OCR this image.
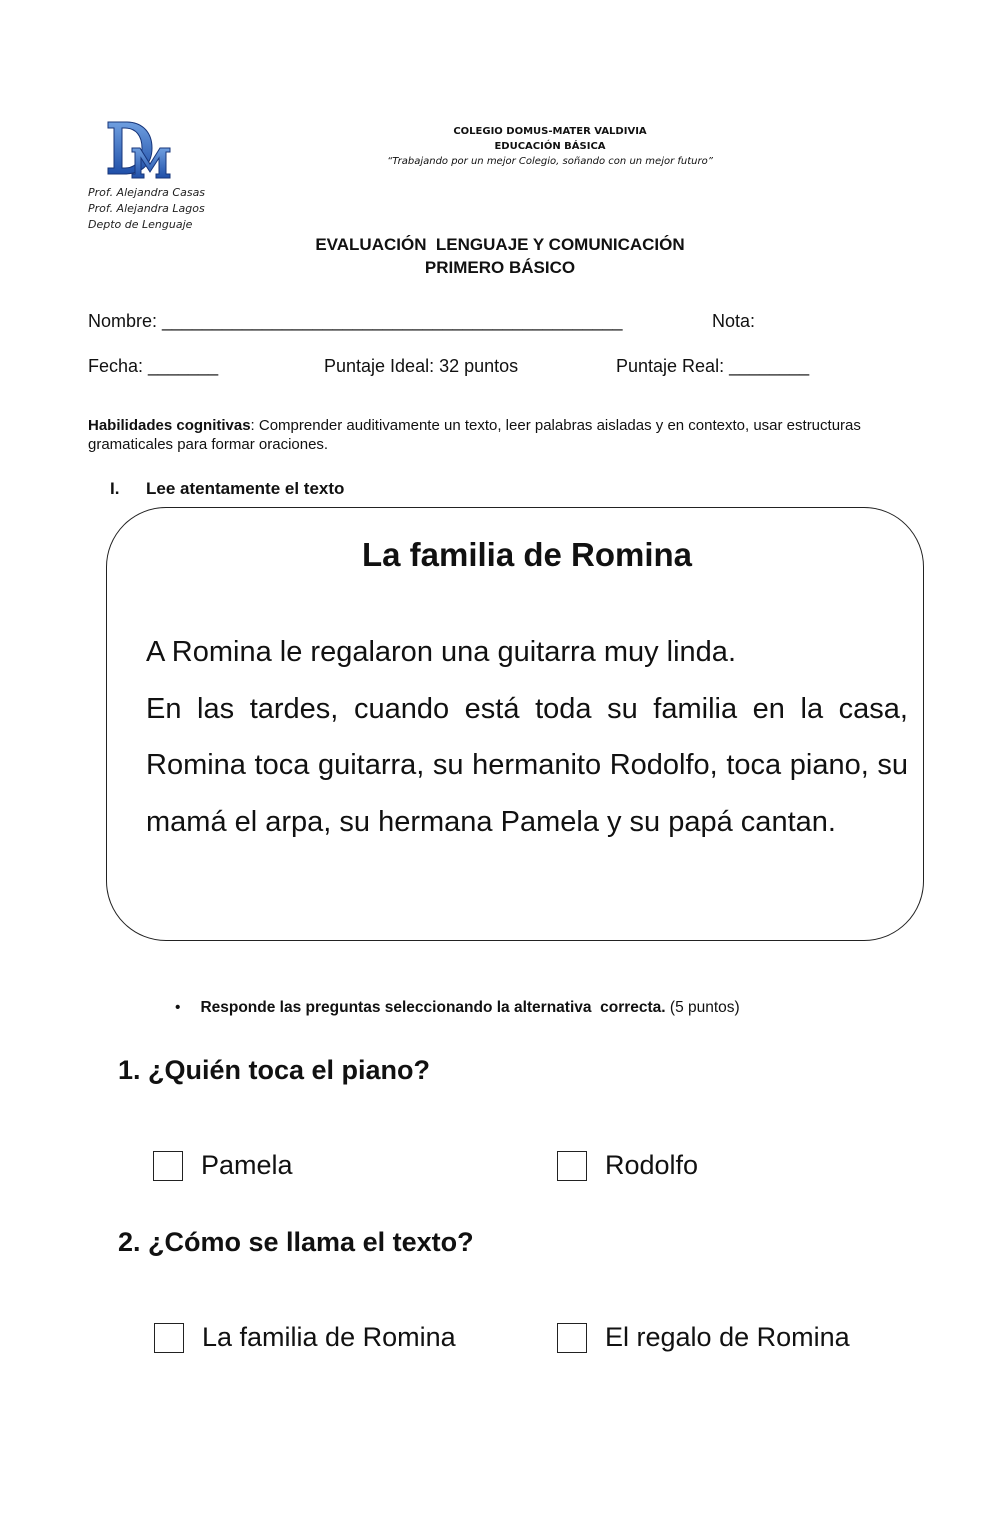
Prof. Alejandra Casas
Prof. Alejandra Lagos
Depto de Lenguaje
COLEGIO DOMUS-MATER VALDIVIA
EDUCACIÓN BÁSICA
“Trabajando por un mejor Colegio, soñando con un mejor futuro”
EVALUACIÓN  LENGUAJE Y COMUNICACIÓN
PRIMERO BÁSICO
Nombre: ______________________________________________	Nota:
Fecha: _______	Puntaje Ideal: 32 puntos	Puntaje Real: ________
Habilidades cognitivas: Comprender auditivamente un texto, leer palabras aisladas y en contexto, usar estructuras gramaticales para formar oraciones.
I. Lee atentamente el texto
La familia de Romina
A Romina le regalaron una guitarra muy linda.
En las tardes, cuando está toda su familia en la casa, Romina toca guitarra, su hermanito Rodolfo, toca piano, su mamá el arpa, su hermana Pamela y su papá cantan.
• Responde las preguntas seleccionando la alternativa  correcta. (5 puntos)
1. ¿Quién toca el piano?
Pamela	Rodolfo
2. ¿Cómo se llama el texto?
La familia de Romina	El regalo de Romina
